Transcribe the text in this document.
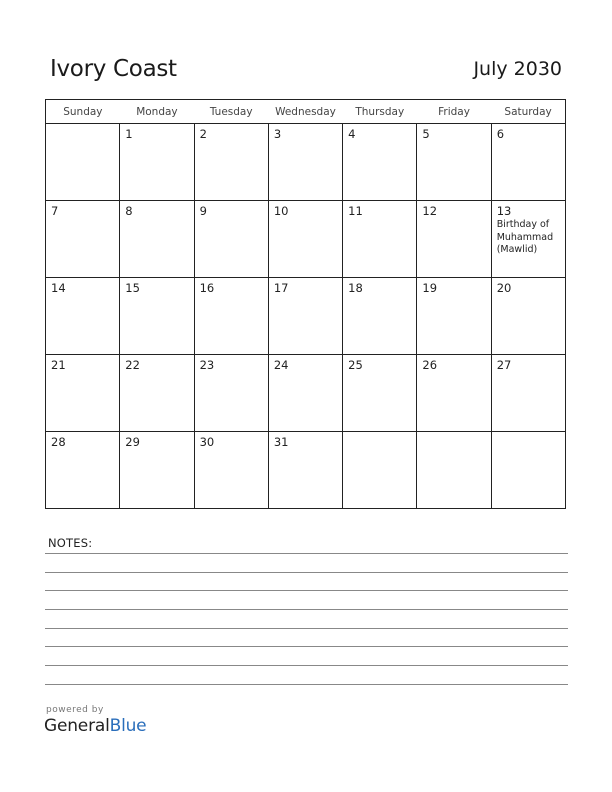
Ivory Coast	July 2030
Sunday	Monday	Tuesday	Wednesday	Thursday	Friday	Saturday

	1	2	3	4	5	6

7	8	9	10	11	12	13
Birthday of Muhammad (Mawlid)

14	15	16	17	18	19	20

21	22	23	24	25	26	27

28	29	30	31			

NOTES:
powered by
GeneralBlue
